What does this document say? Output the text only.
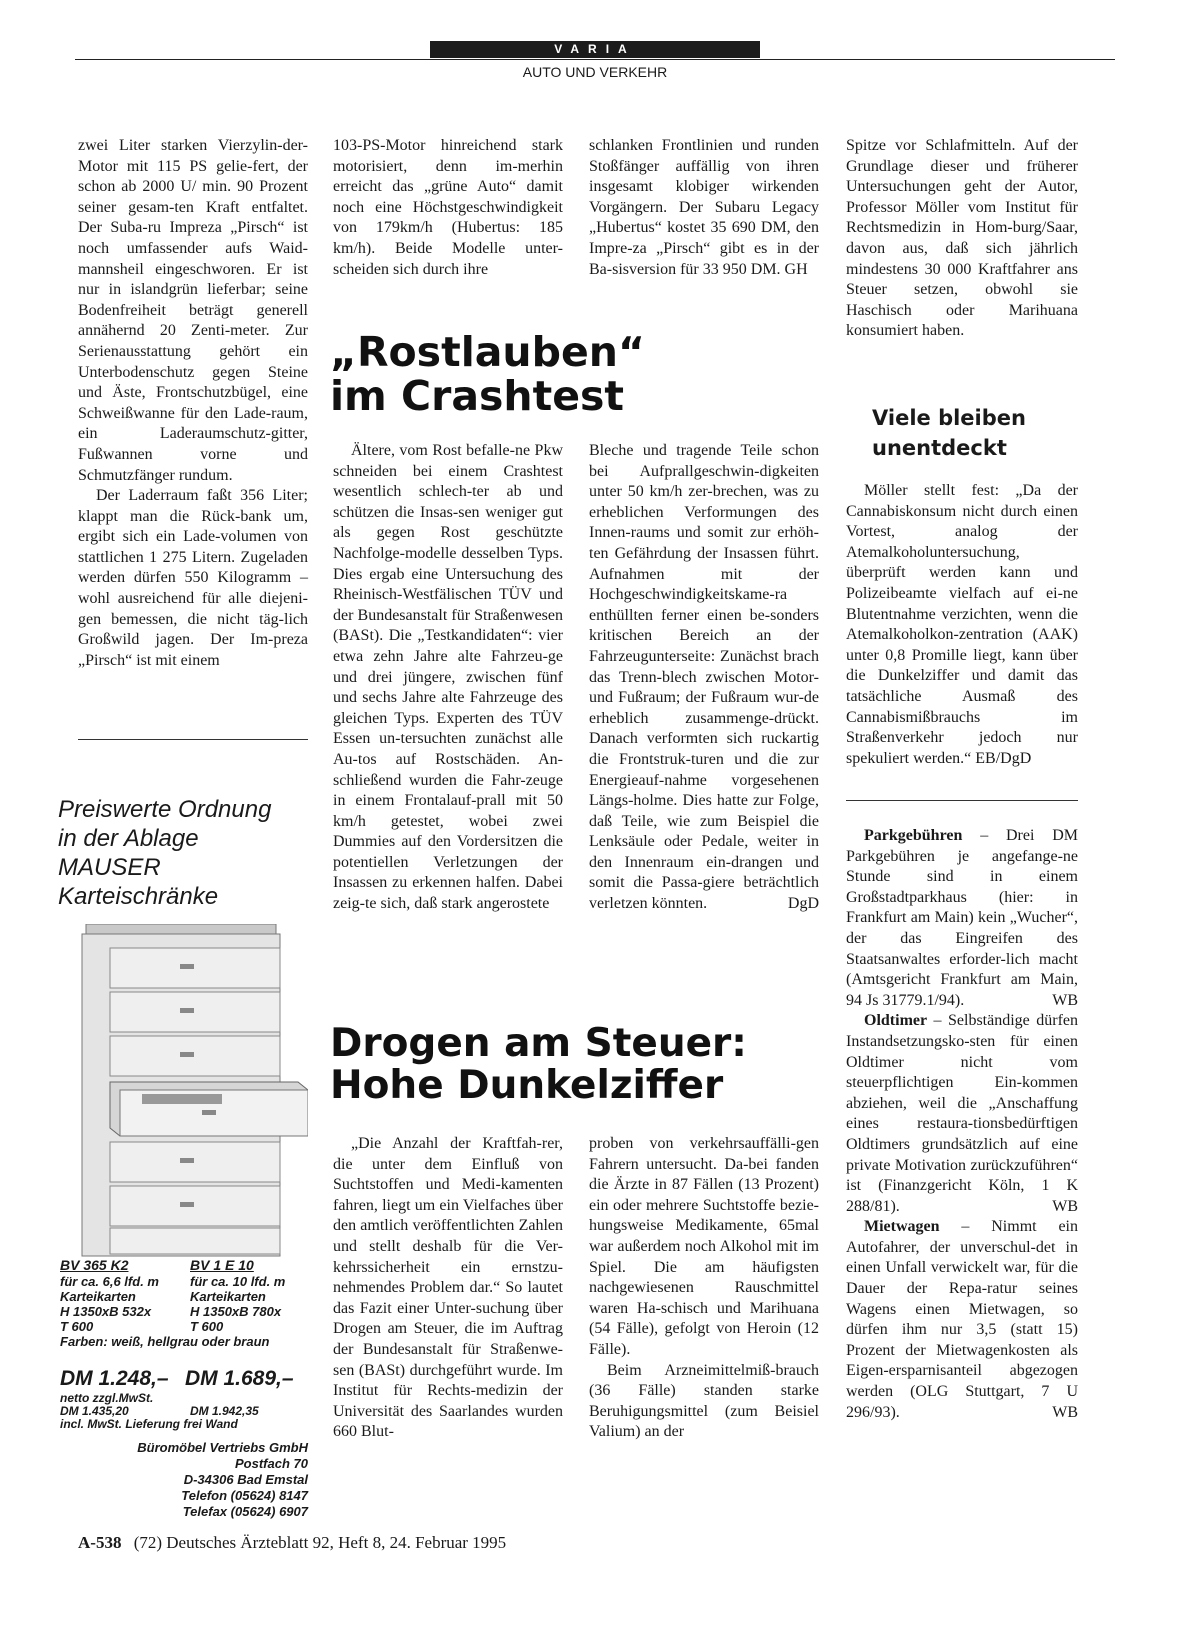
VARIA
AUTO UND VERKEHR

zwei Liter starken Vierzylin-der-Motor mit 115 PS gelie-fert, der schon ab 2000 U/ min. 90 Prozent seiner gesam-ten Kraft entfaltet. Der Suba-ru Impreza „Pirsch“ ist noch umfassender aufs Waid-mannsheil eingeschworen. Er ist nur in islandgrün lieferbar; seine Bodenfreiheit beträgt generell annähernd 20 Zenti-meter. Zur Serienausstattung gehört ein Unterbodenschutz gegen Steine und Äste, Frontschutzbügel, eine Schweißwanne für den Lade-raum, ein Laderaumschutz-gitter, Fußwannen vorne und Schmutzfänger rundum.

Der Laderraum faßt 356 Liter; klappt man die Rück-bank um, ergibt sich ein Lade-volumen von stattlichen 1 275 Litern. Zugeladen werden dürfen 550 Kilogramm – wohl ausreichend für alle diejeni-gen bemessen, die nicht täg-lich Großwild jagen. Der Im-preza „Pirsch“ ist mit einem

Preiswerte Ordnung
in der Ablage
MAUSER
Karteischränke
BV 365 K2	BV 1 E 10
für ca. 6,6 lfd. m	für ca. 10 lfd. m
Karteikarten	Karteikarten
H 1350xB 532x	H 1350xB 780x
T 600	T 600
Farben: weiß, hellgrau oder braun
DM 1.248,– DM 1.689,–
netto zzgl.MwSt.
DM 1.435,20	DM 1.942,35
incl. MwSt. Lieferung frei Wand
Büromöbel Vertriebs GmbH
Postfach 70
D-34306 Bad Emstal
Telefon (05624) 8147
Telefax (05624) 6907
103-PS-Motor hinreichend stark motorisiert, denn im-merhin erreicht das „grüne Auto“ damit noch eine Höchstgeschwindigkeit von 179km/h (Hubertus: 185 km/h). Beide Modelle unter-scheiden sich durch ihre
schlanken Frontlinien und runden Stoßfänger auffällig von ihren insgesamt klobiger wirkenden Vorgängern. Der Subaru Legacy „Hubertus“ kostet 35 690 DM, den Impre-za „Pirsch“ gibt es in der Ba-sisversion für 33 950 DM. GH
„Rostlauben“
im Crashtest
Ältere, vom Rost befalle-ne Pkw schneiden bei einem Crashtest wesentlich schlech-ter ab und schützen die Insas-sen weniger gut als gegen Rost geschützte Nachfolge-modelle desselben Typs. Dies ergab eine Untersuchung des Rheinisch-Westfälischen TÜV und der Bundesanstalt für Straßenwesen (BASt). Die „Testkandidaten“: vier etwa zehn Jahre alte Fahrzeu-ge und drei jüngere, zwischen fünf und sechs Jahre alte Fahrzeuge des gleichen Typs. Experten des TÜV Essen un-tersuchten zunächst alle Au-tos auf Rostschäden. An-schließend wurden die Fahr-zeuge in einem Frontalauf-prall mit 50 km/h getestet, wobei zwei Dummies auf den Vordersitzen die potentiellen Verletzungen der Insassen zu erkennen halfen. Dabei zeig-te sich, daß stark angerostete

Bleche und tragende Teile schon bei Aufprallgeschwin-digkeiten unter 50 km/h zer-brechen, was zu erheblichen Verformungen des Innen-raums und somit zur erhöh-ten Gefährdung der Insassen führt. Aufnahmen mit der Hochgeschwindigkeitskame-ra enthüllten ferner einen be-sonders kritischen Bereich an der Fahrzeugunterseite: Zunächst brach das Trenn-blech zwischen Motor- und Fußraum; der Fußraum wur-de erheblich zusammenge-drückt. Danach verformten sich ruckartig die Frontstruk-turen und die zur Energieauf-nahme vorgesehenen Längs-holme. Dies hatte zur Folge, daß Teile, wie zum Beispiel die Lenksäule oder Pedale, weiter in den Innenraum ein-drangen und somit die Passa-giere beträchtlich verletzen könnten.	DgD

Drogen am Steuer:
Hohe Dunkelziffer
„Die Anzahl der Kraftfah-rer, die unter dem Einfluß von Suchtstoffen und Medi-kamenten fahren, liegt um ein Vielfaches über den amtlich veröffentlichten Zahlen und stellt deshalb für die Ver-kehrssicherheit ein ernstzu-nehmendes Problem dar.“ So lautet das Fazit einer Unter-suchung über Drogen am Steuer, die im Auftrag der Bundesanstalt für Straßenwe-sen (BASt) durchgeführt wurde. Im Institut für Rechts-medizin der Universität des Saarlandes wurden 660 Blut-

proben von verkehrsauffälli-gen Fahrern untersucht. Da-bei fanden die Ärzte in 87 Fällen (13 Prozent) ein oder mehrere Suchtstoffe bezie-hungsweise Medikamente, 65mal war außerdem noch Alkohol mit im Spiel. Die am häufigsten nachgewiesenen Rauschmittel waren Ha-schisch und Marihuana (54 Fälle), gefolgt von Heroin (12 Fälle).

Beim Arzneimittelmiß-brauch (36 Fälle) standen starke Beruhigungsmittel (zum Beisiel Valium) an der

Spitze vor Schlafmitteln. Auf der Grundlage dieser und früherer Untersuchungen geht der Autor, Professor Möller vom Institut für Rechtsmedizin in Hom-burg/Saar, davon aus, daß sich jährlich mindestens 30 000 Kraftfahrer ans Steuer setzen, obwohl sie Haschisch oder Marihuana konsumiert haben.
Viele bleiben
unentdeckt
Möller stellt fest: „Da der Cannabiskonsum nicht durch einen Vortest, analog der Atemalkoholuntersuchung, überprüft werden kann und Polizeibeamte vielfach auf ei-ne Blutentnahme verzichten, wenn die Atemalkoholkon-zentration (AAK) unter 0,8 Promille liegt, kann über die Dunkelziffer und damit das tatsächliche Ausmaß des Cannabismißbrauchs im Straßenverkehr jedoch nur spekuliert werden.“ EB/DgD

Parkgebühren – Drei DM Parkgebühren je angefange-ne Stunde sind in einem Großstadtparkhaus (hier: in Frankfurt am Main) kein „Wucher“, der das Eingreifen des Staatsanwaltes erforder-lich macht (Amtsgericht Frankfurt am Main, 94 Js 31779.1/94).	WB

Oldtimer – Selbständige dürfen Instandsetzungsko-sten für einen Oldtimer nicht vom steuerpflichtigen Ein-kommen abziehen, weil die „Anschaffung eines restaura-tionsbedürftigen Oldtimers grundsätzlich auf eine private Motivation zurückzuführen“ ist (Finanzgericht Köln, 1 K 288/81).	WB

Mietwagen – Nimmt ein Autofahrer, der unverschul-det in einen Unfall verwickelt war, für die Dauer der Repa-ratur seines Wagens einen Mietwagen, so dürfen ihm nur 3,5 (statt 15) Prozent der Mietwagenkosten als Eigen-ersparnisanteil abgezogen werden (OLG Stuttgart, 7 U 296/93).	WB

A-538 (72) Deutsches Ärzteblatt 92, Heft 8, 24. Februar 1995
